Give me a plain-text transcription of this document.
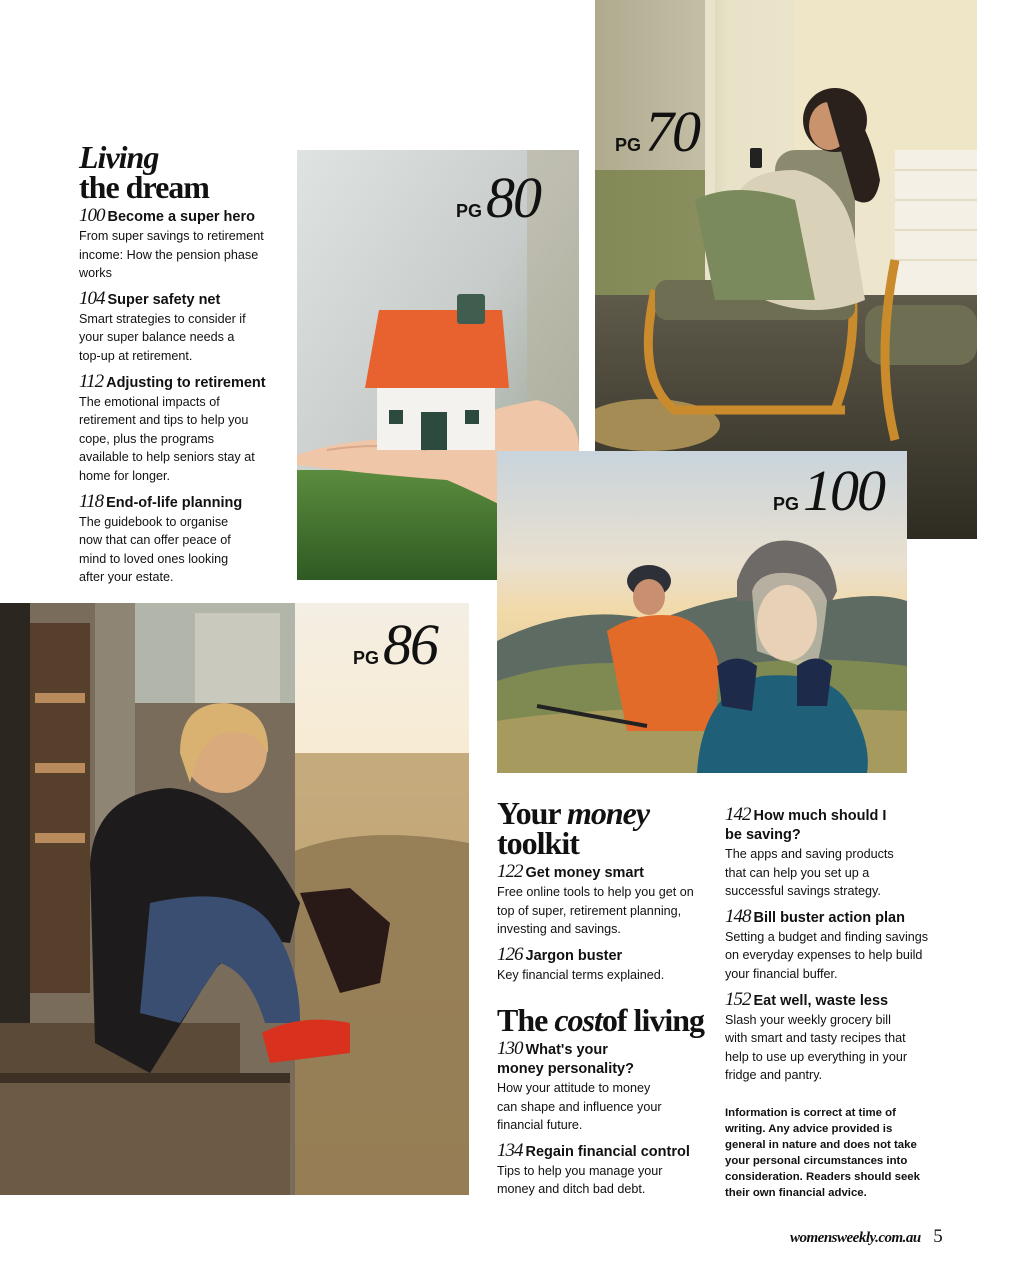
PG70
PG80
PG100
PG86
Living
the dream
100 Become a super hero
From super savings to retirement income: How the pension phase works
104 Super safety net
Smart strategies to consider if your super balance needs a top-up at retirement.
112 Adjusting to retirement
The emotional impacts of retirement and tips to help you cope, plus the programs available to help seniors stay at home for longer.
118 End-of-life planning
The guidebook to organise now that can offer peace of mind to loved ones looking after your estate.
Your money
toolkit
122 Get money smart
Free online tools to help you get on top of super, retirement planning, investing and savings.
126 Jargon buster
Key financial terms explained.
The costof living
130 What's your money personality?
How your attitude to money can shape and influence your financial future.
134 Regain financial control
Tips to help you manage your money and ditch bad debt.
142 How much should I be saving?
The apps and saving products that can help you set up a successful savings strategy.
148 Bill buster action plan
Setting a budget and finding savings on everyday expenses to help build your financial buffer.
152 Eat well, waste less
Slash your weekly grocery bill with smart and tasty recipes that help to use up everything in your fridge and pantry.
Information is correct at time of writing. Any advice provided is general in nature and does not take your personal circumstances into consideration. Readers should seek their own financial advice.
womensweekly.com.au 5
